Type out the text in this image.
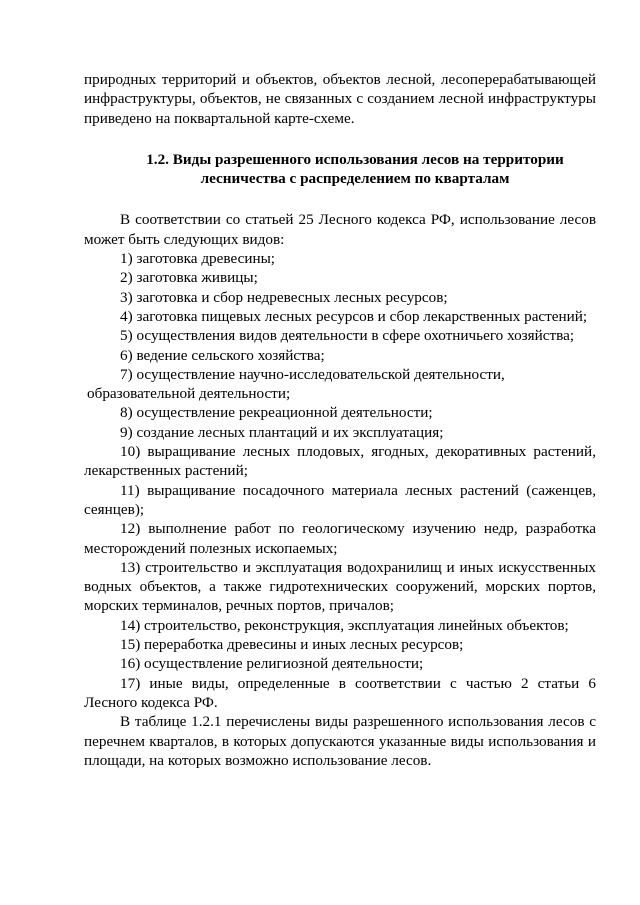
природных территорий и объектов, объектов лесной, лесоперерабатывающей
инфраструктуры, объектов, не связанных с созданием лесной инфраструктуры
приведено на поквартальной карте-схеме.
1.2. Виды разрешенного использования лесов на территории
лесничества с распределением по кварталам
В соответствии со статьей 25 Лесного кодекса РФ, использование лесов
может быть следующих видов:
1) заготовка древесины;
2) заготовка живицы;
3) заготовка и сбор недревесных лесных ресурсов;
4) заготовка пищевых лесных ресурсов и сбор лекарственных растений;
5) осуществления видов деятельности в сфере охотничьего хозяйства;
6) ведение сельского хозяйства;
7) осуществление научно-исследовательской деятельности,
образовательной деятельности;
8) осуществление рекреационной деятельности;
9) создание лесных плантаций и их эксплуатация;
10) выращивание лесных плодовых, ягодных, декоративных растений,
лекарственных растений;
11) выращивание посадочного материала лесных растений (саженцев,
сеянцев);
12) выполнение работ по геологическому изучению недр, разработка
месторождений полезных ископаемых;
13) строительство и эксплуатация водохранилищ и иных искусственных
водных объектов, а также гидротехнических сооружений, морских портов,
морских терминалов, речных портов, причалов;
14) строительство, реконструкция, эксплуатация линейных объектов;
15) переработка древесины и иных лесных ресурсов;
16) осуществление религиозной деятельности;
17) иные виды, определенные в соответствии с частью 2 статьи 6
Лесного кодекса РФ.
В таблице 1.2.1 перечислены виды разрешенного использования лесов с
перечнем кварталов, в которых допускаются указанные виды использования и
площади, на которых возможно использование лесов.
